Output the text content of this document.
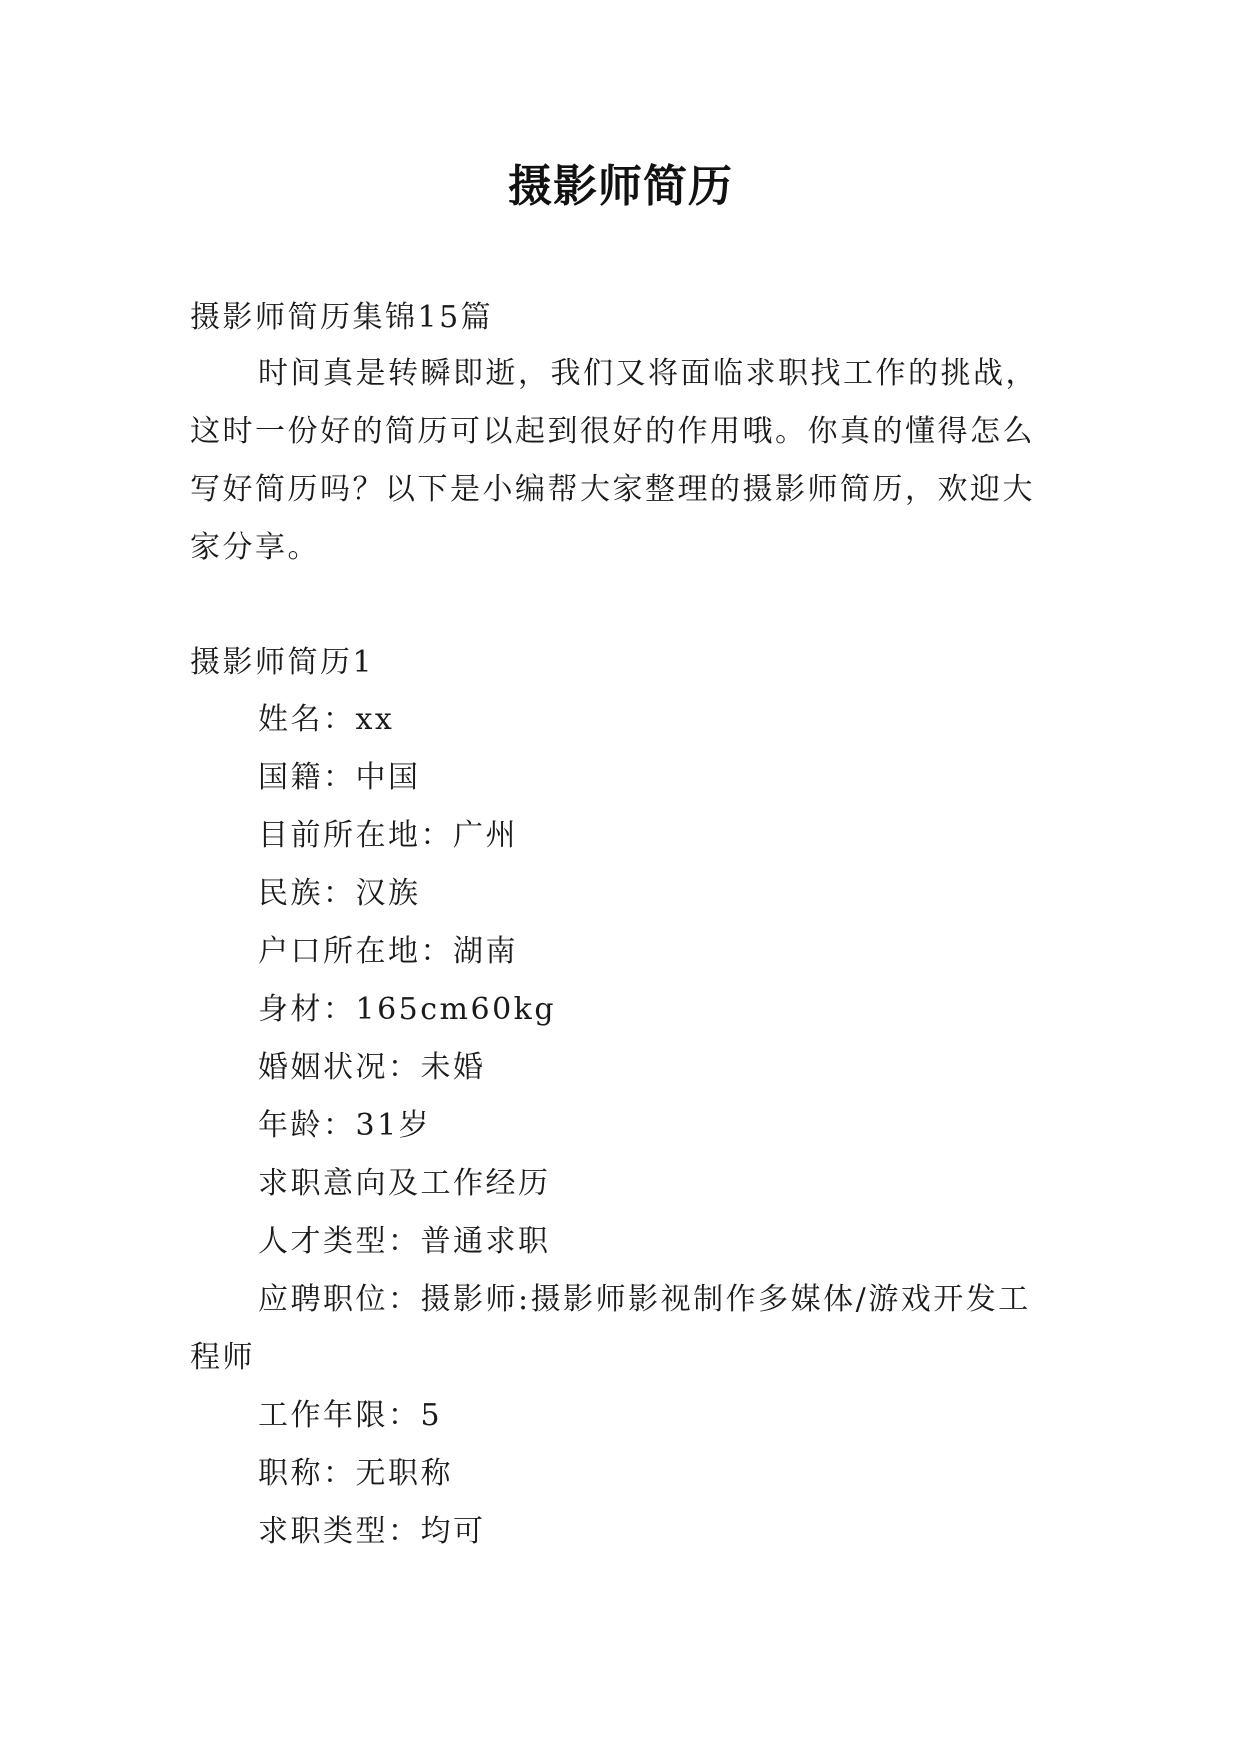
摄影师简历
摄影师简历集锦15篇
时间真是转瞬即逝，我们又将面临求职找工作的挑战，
这时一份好的简历可以起到很好的作用哦。你真的懂得怎么
写好简历吗？以下是小编帮大家整理的摄影师简历，欢迎大
家分享。
摄影师简历1
姓名：xx
国籍：中国
目前所在地：广州
民族：汉族
户口所在地：湖南
身材：165cm60kg
婚姻状况：未婚
年龄：31岁
求职意向及工作经历
人才类型：普通求职
应聘职位：摄影师:摄影师影视制作多媒体/游戏开发工
程师
工作年限：5
职称：无职称
求职类型：均可
